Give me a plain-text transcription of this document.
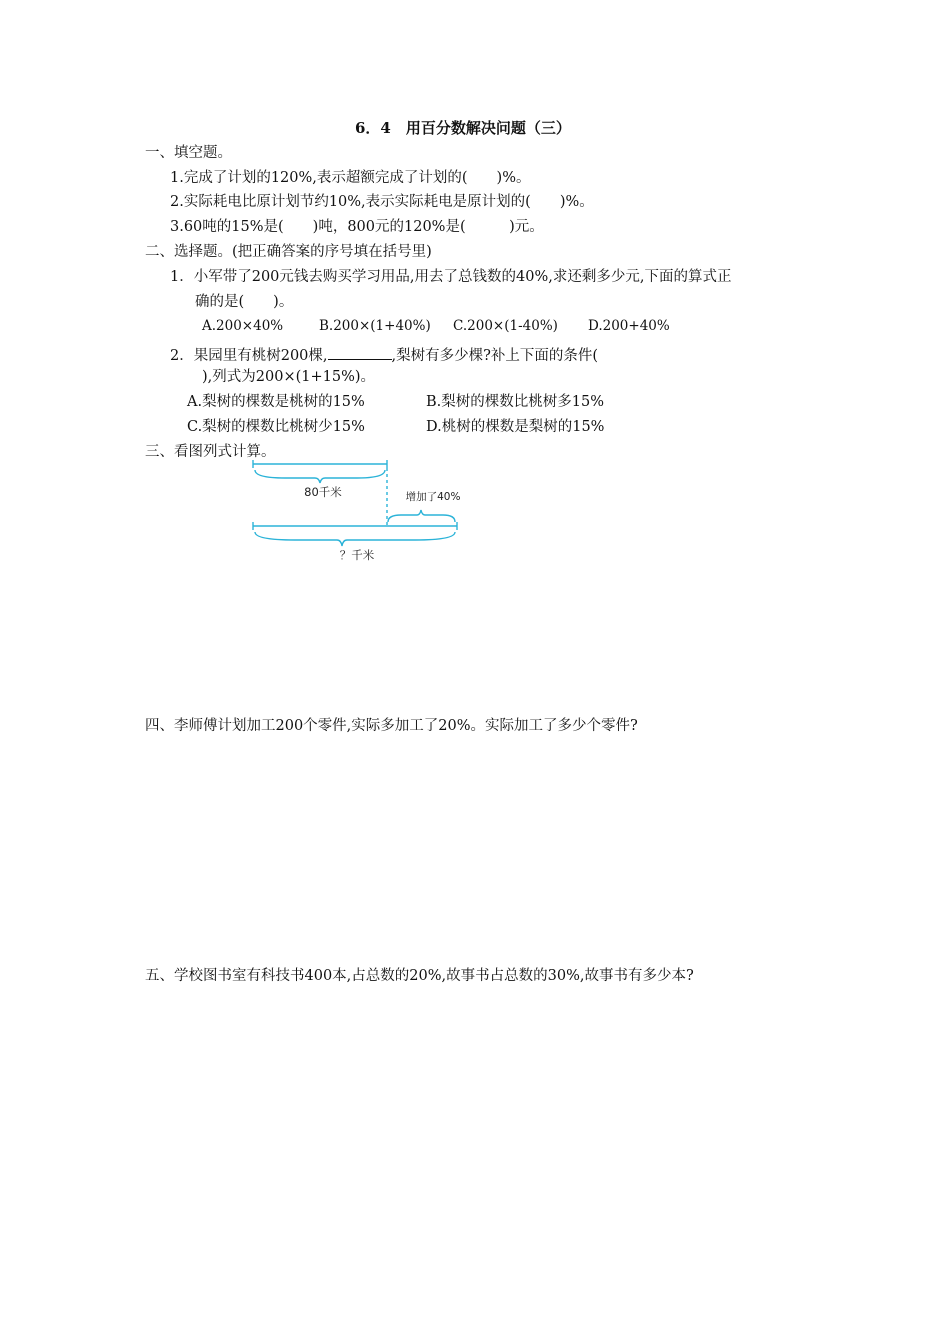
6．4　用百分数解决问题（三）
一、填空题。
1.完成了计划的120%,表示超额完成了计划的(　　)%。
2.实际耗电比原计划节约10%,表示实际耗电是原计划的(　　)%。
3.60吨的15%是(　　)吨，800元的120%是(　　　)元。
二、选择题。(把正确答案的序号填在括号里)
1．小军带了200元钱去购买学习用品,用去了总钱数的40%,求还剩多少元,下面的算式正
确的是(　　)。
A.200×40%	B.200×(1+40%) C.200×(1-40%) D.200+40%
2．果园里有桃树200棵,	,梨树有多少棵?补上下面的条件(
),列式为200×(1+15%)。
A.梨树的棵数是桃树的15%	B.梨树的棵数比桃树多15%
C.梨树的棵数比桃树少15%	D.桃树的棵数是梨树的15%
三、看图列式计算。
80千米	增加了40%
？千米
四、李师傅计划加工200个零件,实际多加工了20%。实际加工了多少个零件?
五、学校图书室有科技书400本,占总数的20%,故事书占总数的30%,故事书有多少本?
